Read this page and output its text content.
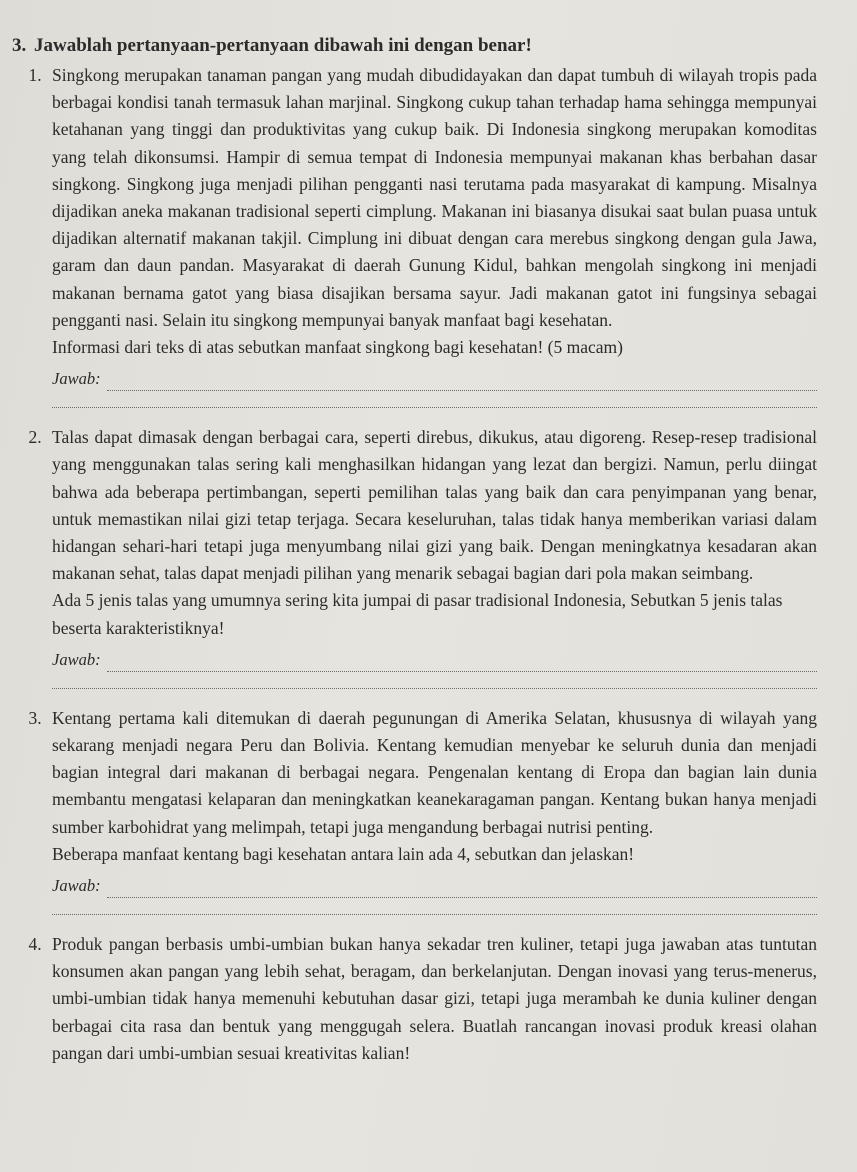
3. Jawablah pertanyaan-pertanyaan dibawah ini dengan benar!
1. Singkong merupakan tanaman pangan yang mudah dibudidayakan dan dapat tumbuh di wilayah tropis pada berbagai kondisi tanah termasuk lahan marjinal. Singkong cukup tahan terhadap hama sehingga mempunyai ketahanan yang tinggi dan produktivitas yang cukup baik. Di Indonesia singkong merupakan komoditas yang telah dikonsumsi. Hampir di semua tempat di Indonesia mempunyai makanan khas berbahan dasar singkong. Singkong juga menjadi pilihan pengganti nasi terutama pada masyarakat di kampung. Misalnya dijadikan aneka makanan tradisional seperti cimplung. Makanan ini biasanya disukai saat bulan puasa untuk dijadikan alternatif makanan takjil. Cimplung ini dibuat dengan cara merebus singkong dengan gula Jawa, garam dan daun pandan. Masyarakat di daerah Gunung Kidul, bahkan mengolah singkong ini menjadi makanan bernama gatot yang biasa disajikan bersama sayur. Jadi makanan gatot ini fungsinya sebagai pengganti nasi. Selain itu singkong mempunyai banyak manfaat bagi kesehatan.

Informasi dari teks di atas sebutkan manfaat singkong bagi kesehatan! (5 macam)

Jawab:
2. Talas dapat dimasak dengan berbagai cara, seperti direbus, dikukus, atau digoreng. Resep-resep tradisional yang menggunakan talas sering kali menghasilkan hidangan yang lezat dan bergizi. Namun, perlu diingat bahwa ada beberapa pertimbangan, seperti pemilihan talas yang baik dan cara penyimpanan yang benar, untuk memastikan nilai gizi tetap terjaga. Secara keseluruhan, talas tidak hanya memberikan variasi dalam hidangan sehari-hari tetapi juga menyumbang nilai gizi yang baik. Dengan meningkatnya kesadaran akan makanan sehat, talas dapat menjadi pilihan yang menarik sebagai bagian dari pola makan seimbang.

Ada 5 jenis talas yang umumnya sering kita jumpai di pasar tradisional Indonesia, Sebutkan 5 jenis talas beserta karakteristiknya!

Jawab:
3. Kentang pertama kali ditemukan di daerah pegunungan di Amerika Selatan, khususnya di wilayah yang sekarang menjadi negara Peru dan Bolivia. Kentang kemudian menyebar ke seluruh dunia dan menjadi bagian integral dari makanan di berbagai negara. Pengenalan kentang di Eropa dan bagian lain dunia membantu mengatasi kelaparan dan meningkatkan keanekaragaman pangan. Kentang bukan hanya menjadi sumber karbohidrat yang melimpah, tetapi juga mengandung berbagai nutrisi penting.

Beberapa manfaat kentang bagi kesehatan antara lain ada 4, sebutkan dan jelaskan!

Jawab:
4. Produk pangan berbasis umbi-umbian bukan hanya sekadar tren kuliner, tetapi juga jawaban atas tuntutan konsumen akan pangan yang lebih sehat, beragam, dan berkelanjutan. Dengan inovasi yang terus-menerus, umbi-umbian tidak hanya memenuhi kebutuhan dasar gizi, tetapi juga merambah ke dunia kuliner dengan berbagai cita rasa dan bentuk yang menggugah selera. Buatlah rancangan inovasi produk kreasi olahan pangan dari umbi-umbian sesuai kreativitas kalian!
